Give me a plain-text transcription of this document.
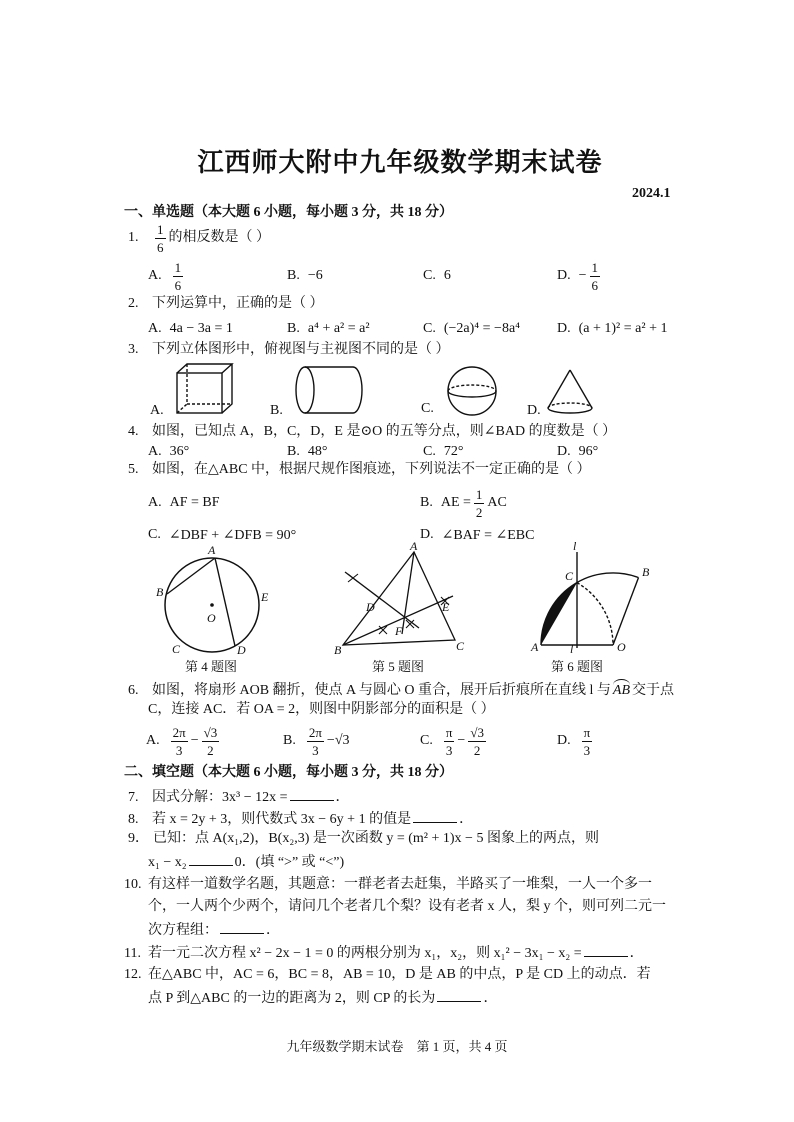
江西师大附中九年级数学期末试卷
2024.1
一、单选题（本大题 6 小题，每小题 3 分，共 18 分）
1.	$\frac{1}{6}$ 的相反数是（ ）
A. $\frac{1}{6}$	B. −6	C. 6	D. − $\frac{1}{6}$
2. 下列运算中，正确的是（ ）
A. 4a − 3a = 1	B. a⁴ + a² = a²	C. (−2a)⁴ = −8a⁴	D. (a + 1)² = a² + 1
3. 下列立体图形中，俯视图与主视图不同的是（ ）
A.	B.	C.	D.
4. 如图，已知点 A，B，C，D，E 是⊙O 的五等分点，则∠BAD 的度数是（ ）
A. 36°	B. 48°	C. 72°	D. 96°
5. 如图，在△ABC 中，根据尺规作图痕迹，下列说法不一定正确的是（ ）
A. AF = BF	B. AE = $\frac{1}{2}$ AC
C. ∠DBF + ∠DFB = 90°	D. ∠BAF = ∠EBC
A
B	E
C	D
O
A
B	C
D	E
F
l
C	B
A	O
l
第 4 题图	第 5 题图	第 6 题图
6. 如图，将扇形 AOB 翻折，使点 A 与圆心 O 重合，展开后折痕所在直线 l 与 AB 交于点
C，连接 AC．若 OA = 2，则图中阴影部分的面积是（ ）
A. $\frac{2\pi}{3} - \frac{√3}{2}$	B. $\frac{2\pi}{3} -√3$	C. $\frac{\pi}{3} - \frac{√3}{2}$	D. $\frac{\pi}{3}$
二、填空题（本大题 6 小题，每小题 3 分，共 18 分）
7. 因式分解：3x³ − 12x =	．
8. 若 x = 2y + 3，则代数式 3x − 6y + 1 的值是	．
9． 已知：点 A(x₁,2)，B(x₂,3) 是一次函数 y = (m² + 1)x − 5 图象上的两点，则
x₁ − x₂	0．(填 “>” 或 “<”)
10. 有这样一道数学名题，其题意：一群老者去赶集，半路买了一堆梨，一人一个多一
个，一人两个少两个，请问几个老者几个梨？设有老者 x 人，梨 y 个，则可列二元一
次方程组：	．
11. 若一元二次方程 x² − 2x − 1 = 0 的两根分别为 x₁，x₂，则 x₁² − 3x₁ − x₂ =	．
12. 在△ABC 中，AC = 6，BC = 8，AB = 10，D 是 AB 的中点，P 是 CD 上的动点．若
点 P 到△ABC 的一边的距离为 2，则 CP 的长为	．
九年级数学期末试卷　第 1 页，共 4 页
